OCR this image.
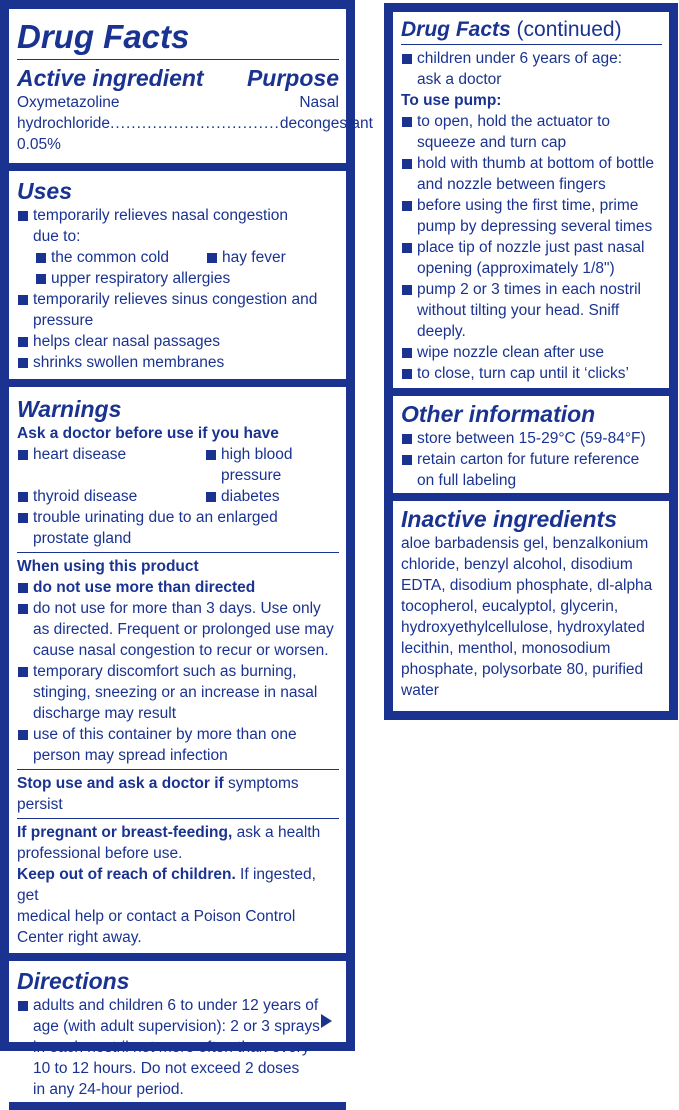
Drug Facts
Active ingredient Purpose
Oxymetazoline	Nasal
hydrochloride 0.05%
................................ decongestant
Uses
temporarily relieves nasal congestion
due to:
the common cold	hay fever
upper respiratory allergies
temporarily relieves sinus congestion and
pressure
helps clear nasal passages
shrinks swollen membranes
Warnings
Ask a doctor before use if you have
heart disease	high blood pressure
thyroid disease	diabetes
trouble urinating due to an enlarged
prostate gland
When using this product
do not use more than directed
do not use for more than 3 days. Use only
as directed. Frequent or prolonged use may
cause nasal congestion to recur or worsen.
temporary discomfort such as burning,
stinging, sneezing or an increase in nasal
discharge may result
use of this container by more than one
person may spread infection
Stop use and ask a doctor if symptoms persist
If pregnant or breast-feeding, ask a health
professional before use.
Keep out of reach of children. If ingested, get
medical help or contact a Poison Control
Center right away.
Directions
adults and children 6 to under 12 years of
age (with adult supervision): 2 or 3 sprays
in each nostril not more often than every
10 to 12 hours. Do not exceed 2 doses
in any 24-hour period.
Drug Facts (continued)
children under 6 years of age:
ask a doctor
To use pump:
to open, hold the actuator to
squeeze and turn cap
hold with thumb at bottom of bottle
and nozzle between fingers
before using the first time, prime
pump by depressing several times
place tip of nozzle just past nasal
opening (approximately 1/8")
pump 2 or 3 times in each nostril
without tilting your head. Sniff
deeply.
wipe nozzle clean after use
to close, turn cap until it ‘clicks’
Other information
store between 15-29°C (59-84°F)
retain carton for future reference
on full labeling
Inactive ingredients
aloe barbadensis gel, benzalkonium
chloride, benzyl alcohol, disodium
EDTA, disodium phosphate, dl-alpha
tocopherol, eucalyptol, glycerin,
hydroxyethylcellulose, hydroxylated
lecithin, menthol, monosodium
phosphate, polysorbate 80, purified
water
